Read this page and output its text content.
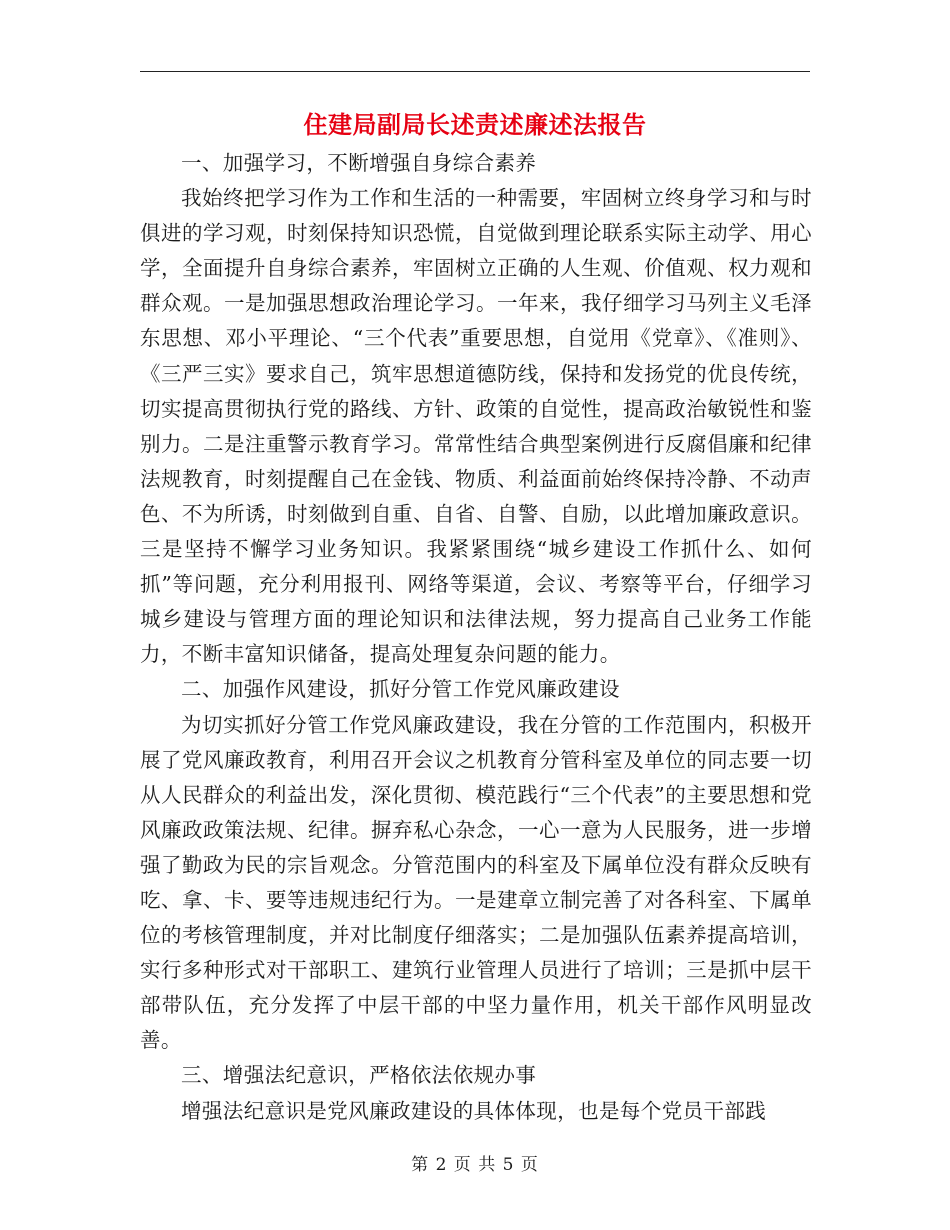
住建局副局长述责述廉述法报告

一、加强学习，不断增强自身综合素养

我始终把学习作为工作和生活的一种需要，牢固树立终身学习和与时俱进的学习观，时刻保持知识恐慌，自觉做到理论联系实际主动学、用心学，全面提升自身综合素养，牢固树立正确的人生观、价值观、权力观和群众观。一是加强思想政治理论学习。一年来，我仔细学习马列主义毛泽东思想、邓小平理论、“三个代表”重要思想，自觉用《党章》、《准则》、《三严三实》要求自己，筑牢思想道德防线，保持和发扬党的优良传统，切实提高贯彻执行党的路线、方针、政策的自觉性，提高政治敏锐性和鉴别力。二是注重警示教育学习。常常性结合典型案例进行反腐倡廉和纪律法规教育，时刻提醒自己在金钱、物质、利益面前始终保持冷静、不动声色、不为所诱，时刻做到自重、自省、自警、自励，以此增加廉政意识。三是坚持不懈学习业务知识。我紧紧围绕“城乡建设工作抓什么、如何抓”等问题，充分利用报刊、网络等渠道，会议、考察等平台，仔细学习城乡建设与管理方面的理论知识和法律法规，努力提高自己业务工作能力，不断丰富知识储备，提高处理复杂问题的能力。

二、加强作风建设，抓好分管工作党风廉政建设

为切实抓好分管工作党风廉政建设，我在分管的工作范围内，积极开展了党风廉政教育，利用召开会议之机教育分管科室及单位的同志要一切从人民群众的利益出发，深化贯彻、模范践行“三个代表”的主要思想和党风廉政政策法规、纪律。摒弃私心杂念，一心一意为人民服务，进一步增强了勤政为民的宗旨观念。分管范围内的科室及下属单位没有群众反映有吃、拿、卡、要等违规违纪行为。一是建章立制完善了对各科室、下属单位的考核管理制度，并对比制度仔细落实；二是加强队伍素养提高培训，实行多种形式对干部职工、建筑行业管理人员进行了培训；三是抓中层干部带队伍，充分发挥了中层干部的中坚力量作用，机关干部作风明显改善。

三、增强法纪意识，严格依法依规办事

增强法纪意识是党风廉政建设的具体体现，也是每个党员干部践

第 2 页 共 5 页
